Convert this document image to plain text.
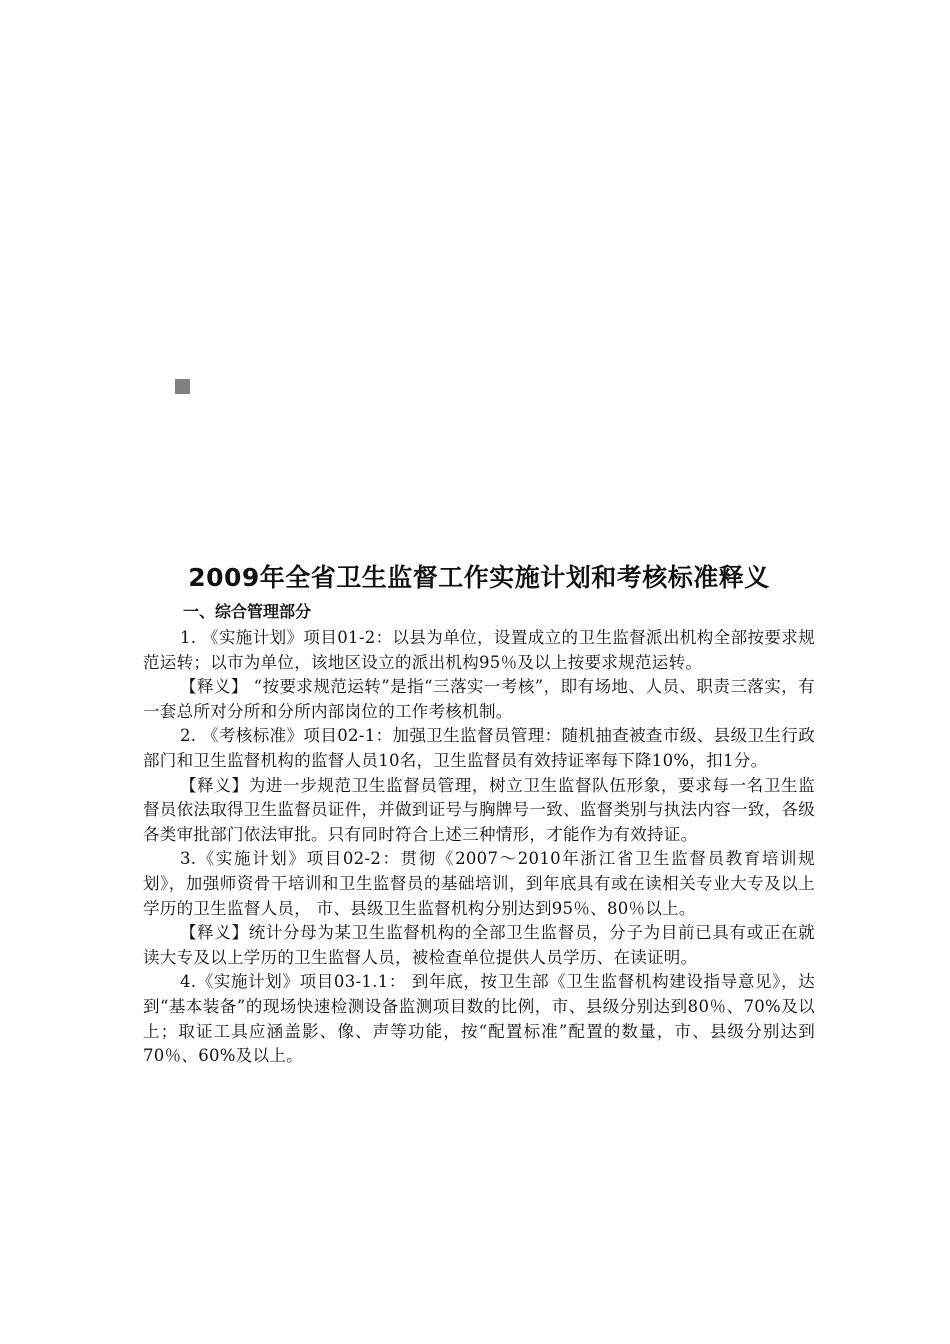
2009年全省卫生监督工作实施计划和考核标准释义
一、综合管理部分

1. 《实施计划》项目01-2：以县为单位，设置成立的卫生监督派出机构全部按要求规范运转；以市为单位，该地区设立的派出机构95％及以上按要求规范运转。

【释义】 “按要求规范运转”是指“三落实一考核”，即有场地、人员、职责三落实，有一套总所对分所和分所内部岗位的工作考核机制。

2. 《考核标准》项目02-1：加强卫生监督员管理：随机抽查被查市级、县级卫生行政部门和卫生监督机构的监督人员10名，卫生监督员有效持证率每下降10%，扣1分。

【释义】为进一步规范卫生监督员管理，树立卫生监督队伍形象，要求每一名卫生监督员依法取得卫生监督员证件，并做到证号与胸牌号一致、监督类别与执法内容一致，各级各类审批部门依法审批。只有同时符合上述三种情形，才能作为有效持证。

3.《实施计划》项目02-2：贯彻《2007～2010年浙江省卫生监督员教育培训规划》，加强师资骨干培训和卫生监督员的基础培训，到年底具有或在读相关专业大专及以上学历的卫生监督人员， 市、县级卫生监督机构分别达到95％、80％以上。

【释义】统计分母为某卫生监督机构的全部卫生监督员，分子为目前已具有或正在就读大专及以上学历的卫生监督人员，被检查单位提供人员学历、在读证明。

4.《实施计划》项目03-1.1： 到年底，按卫生部《卫生监督机构建设指导意见》，达到“基本装备”的现场快速检测设备监测项目数的比例，市、县级分别达到80％、70%及以上；取证工具应涵盖影、像、声等功能，按“配置标准”配置的数量，市、县级分别达到70％、60%及以上。
